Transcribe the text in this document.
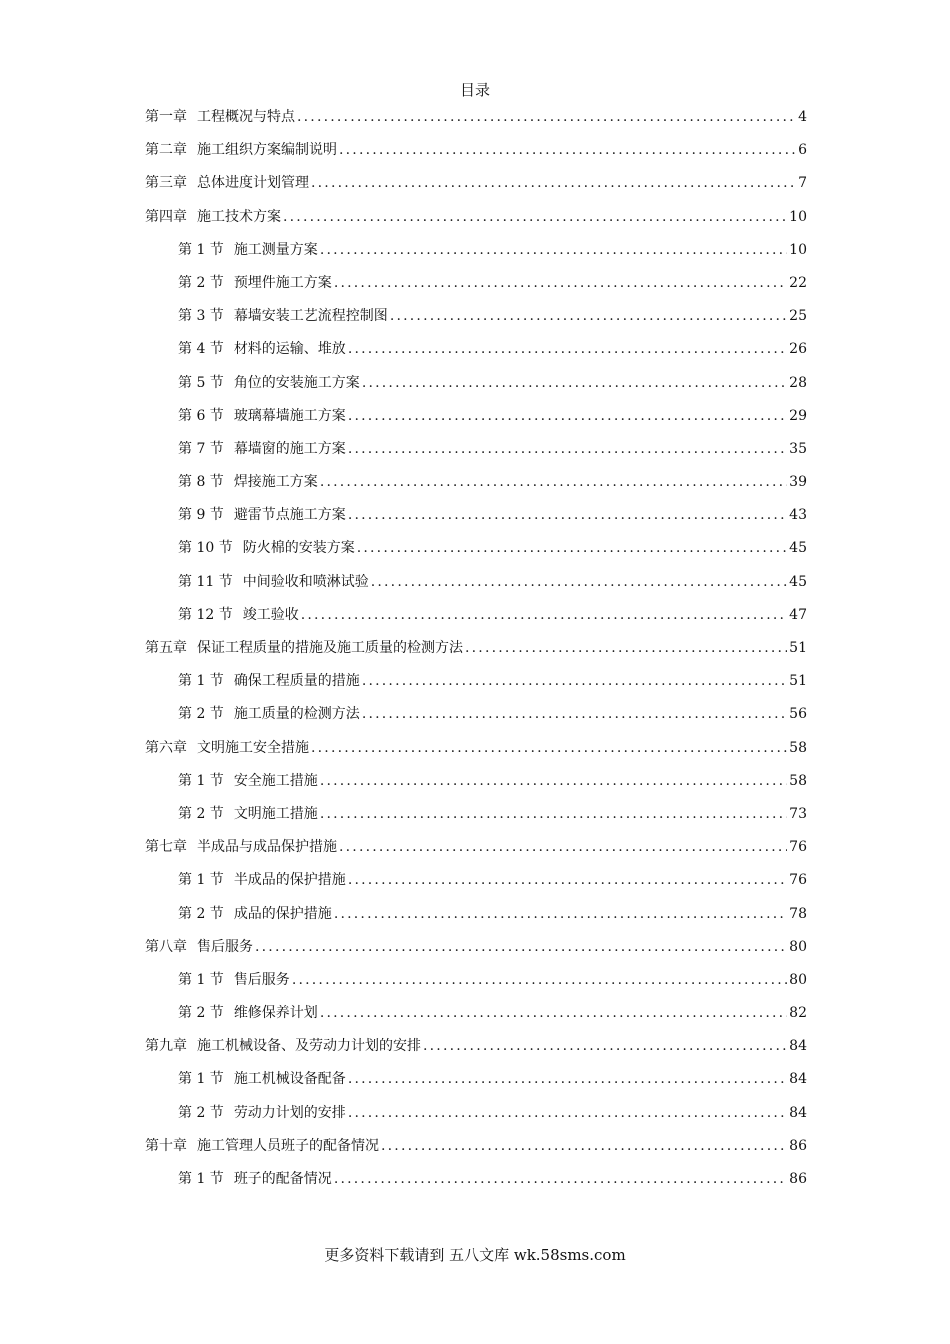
目录
第一章 工程概况与特点 .....	4
第二章 施工组织方案编制说明 .....	6
第三章 总体进度计划管理 .....	7
第四章 施工技术方案 .....	10
第 1 节 施工测量方案 .....	10
第 2 节 预埋件施工方案 .....	22
第 3 节 幕墙安装工艺流程控制图 .....	25
第 4 节 材料的运输、堆放 .....	26
第 5 节 角位的安装施工方案 .....	28
第 6 节 玻璃幕墙施工方案 .....	29
第 7 节 幕墙窗的施工方案 .....	35
第 8 节 焊接施工方案 .....	39
第 9 节 避雷节点施工方案 .....	43
第 10 节 防火棉的安装方案 .....	45
第 11 节 中间验收和喷淋试验 .....	45
第 12 节 竣工验收 .....	47
第五章 保证工程质量的措施及施工质量的检测方法 .....	51
第 1 节 确保工程质量的措施 .....	51
第 2 节 施工质量的检测方法 .....	56
第六章 文明施工安全措施 .....	58
第 1 节 安全施工措施 .....	58
第 2 节 文明施工措施 .....	73
第七章 半成品与成品保护措施 .....	76
第 1 节 半成品的保护措施 .....	76
第 2 节 成品的保护措施 .....	78
第八章 售后服务 .....	80
第 1 节 售后服务 .....	80
第 2 节 维修保养计划 .....	82
第九章 施工机械设备、及劳动力计划的安排 .....	84
第 1 节 施工机械设备配备 .....	84
第 2 节 劳动力计划的安排 .....	84
第十章 施工管理人员班子的配备情况 .....	86
第 1 节 班子的配备情况 .....	86
更多资料下载请到 五八文库 wk.58sms.com
